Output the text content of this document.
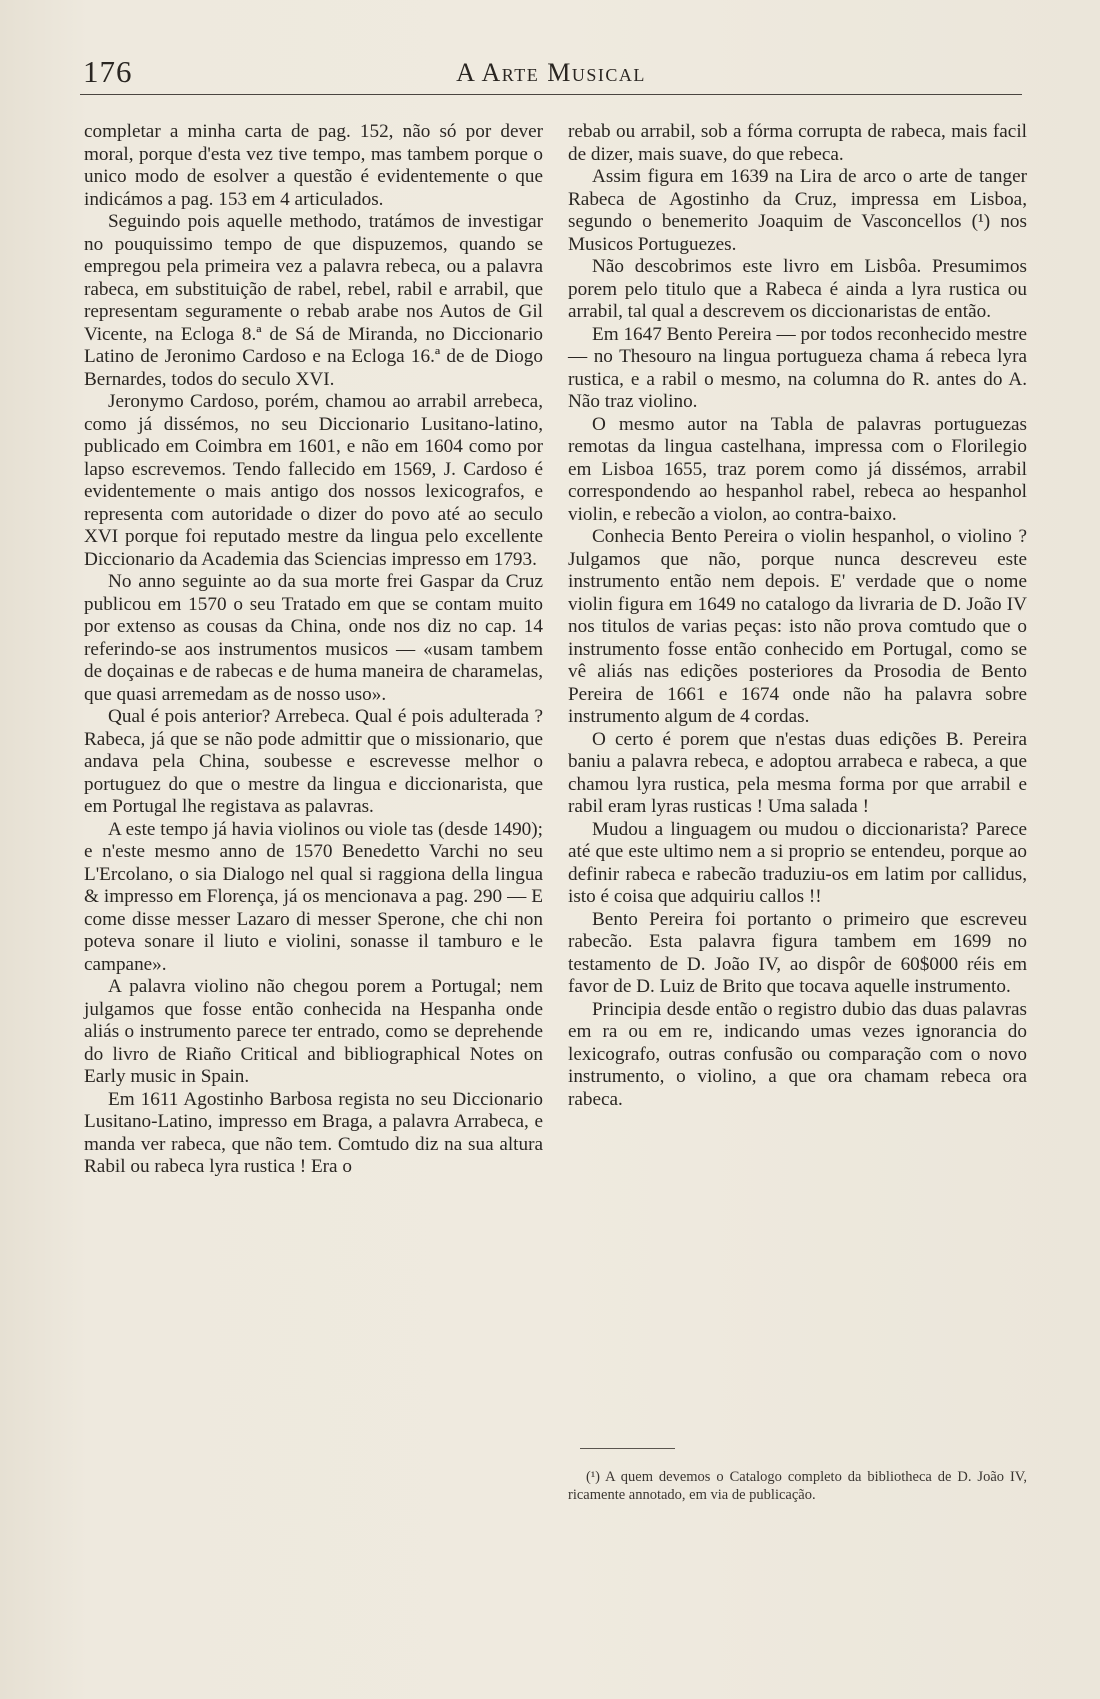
176	A Arte Musical

completar a minha carta de pag. 152, não só por dever moral, porque d'esta vez tive tempo, mas tambem porque o unico modo de esolver a questão é evidentemente o que indicámos a pag. 153 em 4 articulados.

Seguindo pois aquelle methodo, tratámos de investigar no pouquissimo tempo de que dispuzemos, quando se empregou pela primeira vez a palavra rebeca, ou a palavra rabeca, em substituição de rabel, rebel, rabil e arrabil, que representam seguramente o rebab arabe nos Autos de Gil Vicente, na Ecloga 8.ª de Sá de Miranda, no Diccionario Latino de Jeronimo Cardoso e na Ecloga 16.ª de de Diogo Bernardes, todos do seculo XVI.

Jeronymo Cardoso, porém, chamou ao arrabil arrebeca, como já dissémos, no seu Diccionario Lusitano-latino, publicado em Coimbra em 1601, e não em 1604 como por lapso escrevemos. Tendo fallecido em 1569, J. Cardoso é evidentemente o mais antigo dos nossos lexicografos, e representa com autoridade o dizer do povo até ao seculo XVI porque foi reputado mestre da lingua pelo excellente Diccionario da Academia das Sciencias impresso em 1793.

No anno seguinte ao da sua morte frei Gaspar da Cruz publicou em 1570 o seu Tratado em que se contam muito por extenso as cousas da China, onde nos diz no cap. 14 referindo-se aos instrumentos musicos — «usam tambem de doçainas e de rabecas e de huma maneira de charamelas, que quasi arremedam as de nosso uso».

Qual é pois anterior? Arrebeca. Qual é pois adulterada ? Rabeca, já que se não pode admittir que o missionario, que andava pela China, soubesse e escrevesse melhor o portuguez do que o mestre da lingua e diccionarista, que em Portugal lhe registava as palavras.

A este tempo já havia violinos ou viole tas (desde 1490); e n'este mesmo anno de 1570 Benedetto Varchi no seu L'Ercolano, o sia Dialogo nel qual si raggiona della lingua & impresso em Florença, já os mencionava a pag. 290 — E come disse messer Lazaro di messer Sperone, che chi non poteva sonare il liuto e violini, sonasse il tamburo e le campane».

A palavra violino não chegou porem a Portugal; nem julgamos que fosse então conhecida na Hespanha onde aliás o instrumento parece ter entrado, como se deprehende do livro de Riaño Critical and bibliographical Notes on Early music in Spain.

Em 1611 Agostinho Barbosa regista no seu Diccionario Lusitano-Latino, impresso em Braga, a palavra Arrabeca, e manda ver rabeca, que não tem. Comtudo diz na sua altura Rabil ou rabeca lyra rustica ! Era o

rebab ou arrabil, sob a fórma corrupta de rabeca, mais facil de dizer, mais suave, do que rebeca.

Assim figura em 1639 na Lira de arco o arte de tanger Rabeca de Agostinho da Cruz, impressa em Lisboa, segundo o benemerito Joaquim de Vasconcellos (¹) nos Musicos Portuguezes.

Não descobrimos este livro em Lisbôa. Presumimos porem pelo titulo que a Rabeca é ainda a lyra rustica ou arrabil, tal qual a descrevem os diccionaristas de então.

Em 1647 Bento Pereira — por todos reconhecido mestre — no Thesouro na lingua portugueza chama á rebeca lyra rustica, e a rabil o mesmo, na columna do R. antes do A. Não traz violino.

O mesmo autor na Tabla de palavras portuguezas remotas da lingua castelhana, impressa com o Florilegio em Lisboa 1655, traz porem como já dissémos, arrabil correspondendo ao hespanhol rabel, rebeca ao hespanhol violin, e rebecão a violon, ao contra-baixo.

Conhecia Bento Pereira o violin hespanhol, o violino ? Julgamos que não, porque nunca descreveu este instrumento então nem depois. E' verdade que o nome violin figura em 1649 no catalogo da livraria de D. João IV nos titulos de varias peças: isto não prova comtudo que o instrumento fosse então conhecido em Portugal, como se vê aliás nas edições posteriores da Prosodia de Bento Pereira de 1661 e 1674 onde não ha palavra sobre instrumento algum de 4 cordas.

O certo é porem que n'estas duas edições B. Pereira baniu a palavra rebeca, e adoptou arrabeca e rabeca, a que chamou lyra rustica, pela mesma forma por que arrabil e rabil eram lyras rusticas ! Uma salada !

Mudou a linguagem ou mudou o diccionarista? Parece até que este ultimo nem a si proprio se entendeu, porque ao definir rabeca e rabecão traduziu-os em latim por callidus, isto é coisa que adquiriu callos !!

Bento Pereira foi portanto o primeiro que escreveu rabecão. Esta palavra figura tambem em 1699 no testamento de D. João IV, ao dispôr de 60$000 réis em favor de D. Luiz de Brito que tocava aquelle instrumento.

Principia desde então o registro dubio das duas palavras em ra ou em re, indicando umas vezes ignorancia do lexicografo, outras confusão ou comparação com o novo instrumento, o violino, a que ora chamam rebeca ora rabeca.

(¹) A quem devemos o Catalogo completo da bibliotheca de D. João IV, ricamente annotado, em via de publicação.
